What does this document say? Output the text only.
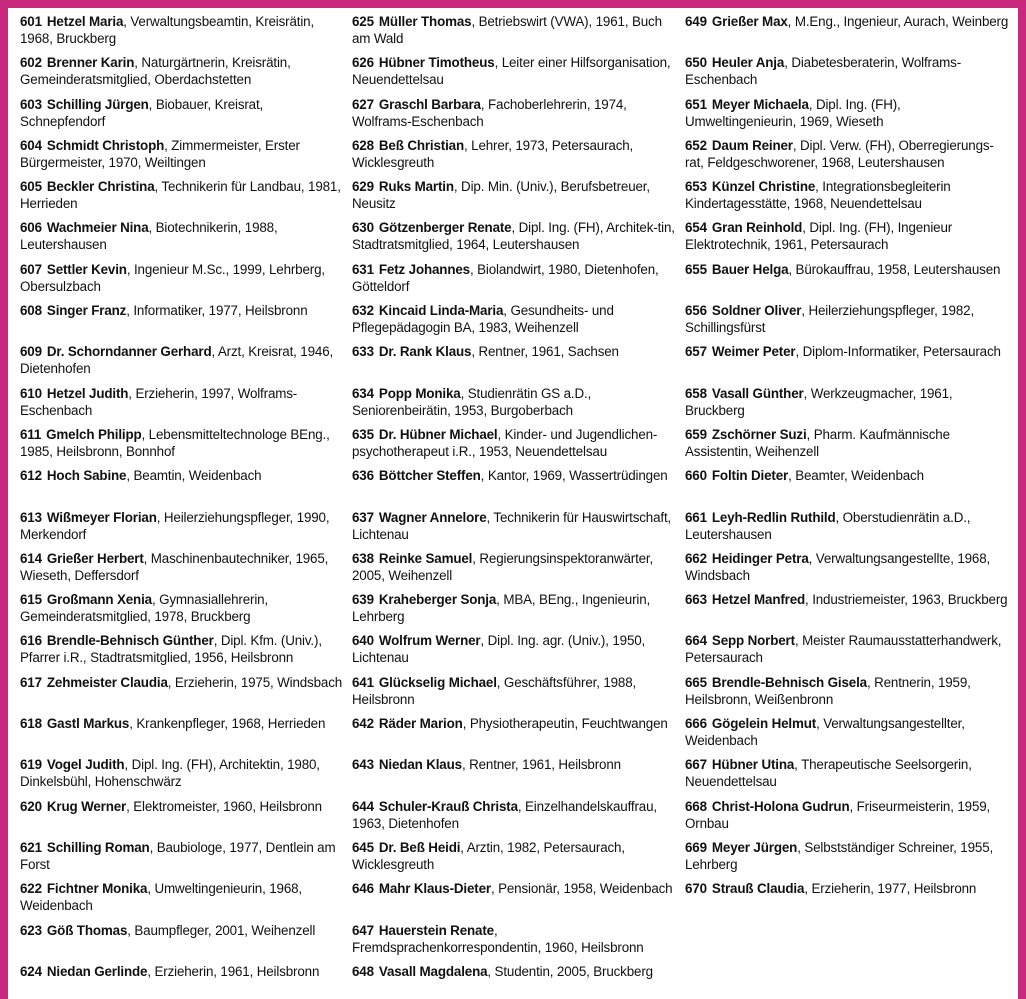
601 Hetzel Maria, Verwaltungsbeamtin, Kreisrätin, 1968, Bruckberg
602 Brenner Karin, Naturgärtnerin, Kreisrätin, Gemeinderatsmitglied, Oberdachstetten
603 Schilling Jürgen, Biobauer, Kreisrat, Schnepfendorf
604 Schmidt Christoph, Zimmermeister, Erster Bürgermeister, 1970, Weiltingen
605 Beckler Christina, Technikerin für Landbau, 1981, Herrieden
606 Wachmeier Nina, Biotechnikerin, 1988, Leutershausen
607 Settler Kevin, Ingenieur M.Sc., 1999, Lehrberg, Obersulzbach
608 Singer Franz, Informatiker, 1977, Heilsbronn
609 Dr. Schorndanner Gerhard, Arzt, Kreisrat, 1946, Dietenhofen
610 Hetzel Judith, Erzieherin, 1997, Wolframs-Eschenbach
611 Gmelch Philipp, Lebensmitteltechnologe BEng., 1985, Heilsbronn, Bonnhof
612 Hoch Sabine, Beamtin, Weidenbach
613 Wißmeyer Florian, Heilerziehungspfleger, 1990, Merkendorf
614 Grießer Herbert, Maschinenbautechniker, 1965, Wieseth, Deffersdorf
615 Großmann Xenia, Gymnasiallehrerin, Gemeinderatsmitglied, 1978, Bruckberg
616 Brendle-Behnisch Günther, Dipl. Kfm. (Univ.), Pfarrer i.R., Stadtratsmitglied, 1956, Heilsbronn
617 Zehmeister Claudia, Erzieherin, 1975, Windsbach
618 Gastl Markus, Krankenpfleger, 1968, Herrieden
619 Vogel Judith, Dipl. Ing. (FH), Architektin, 1980, Dinkelsbühl, Hohenschwärz
620 Krug Werner, Elektromeister, 1960, Heilsbronn
621 Schilling Roman, Baubiologe, 1977, Dentlein am Forst
622 Fichtner Monika, Umweltingenieurin, 1968, Weidenbach
623 Göß Thomas, Baumpfleger, 2001, Weihenzell
624 Niedan Gerlinde, Erzieherin, 1961, Heilsbronn
625 Müller Thomas, Betriebswirt (VWA), 1961, Buch am Wald
626 Hübner Timotheus, Leiter einer Hilfsorganisation, Neuendettelsau
627 Graschl Barbara, Fachoberlehrerin, 1974, Wolframs-Eschenbach
628 Beß Christian, Lehrer, 1973, Petersaurach, Wicklesgreuth
629 Ruks Martin, Dip. Min. (Univ.), Berufsbetreuer, Neusitz
630 Götzenberger Renate, Dipl. Ing. (FH), Architek-tin, Stadtratsmitglied, 1964, Leutershausen
631 Fetz Johannes, Biolandwirt, 1980, Dietenhofen, Götteldorf
632 Kincaid Linda-Maria, Gesundheits- und Pflegepädagogin BA, 1983, Weihenzell
633 Dr. Rank Klaus, Rentner, 1961, Sachsen
634 Popp Monika, Studienrätin GS a.D., Seniorenbeirätin, 1953, Burgoberbach
635 Dr. Hübner Michael, Kinder- und Jugendlichen-psychotherapeut i.R., 1953, Neuendettelsau
636 Böttcher Steffen, Kantor, 1969, Wassertrüdingen
637 Wagner Annelore, Technikerin für Hauswirtschaft, Lichtenau
638 Reinke Samuel, Regierungsinspektoranwärter, 2005, Weihenzell
639 Kraheberger Sonja, MBA, BEng., Ingenieurin, Lehrberg
640 Wolfrum Werner, Dipl. Ing. agr. (Univ.), 1950, Lichtenau
641 Glückselig Michael, Geschäftsführer, 1988, Heilsbronn
642 Räder Marion, Physiotherapeutin, Feuchtwangen
643 Niedan Klaus, Rentner, 1961, Heilsbronn
644 Schuler-Krauß Christa, Einzelhandelskauffrau, 1963, Dietenhofen
645 Dr. Beß Heidi, Arztin, 1982, Petersaurach, Wicklesgreuth
646 Mahr Klaus-Dieter, Pensionär, 1958, Weidenbach
647 Hauerstein Renate, Fremdsprachenkorrespondentin, 1960, Heilsbronn
648 Vasall Magdalena, Studentin, 2005, Bruckberg
649 Grießer Max, M.Eng., Ingenieur, Aurach, Weinberg
650 Heuler Anja, Diabetesberaterin, Wolframs-Eschenbach
651 Meyer Michaela, Dipl. Ing. (FH), Umweltingenieurin, 1969, Wieseth
652 Daum Reiner, Dipl. Verw. (FH), Oberregierungs-rat, Feldgeschworener, 1968, Leutershausen
653 Künzel Christine, Integrationsbegleiterin Kindertagesstätte, 1968, Neuendettelsau
654 Gran Reinhold, Dipl. Ing. (FH), Ingenieur Elektrotechnik, 1961, Petersaurach
655 Bauer Helga, Bürokauffrau, 1958, Leutershausen
656 Soldner Oliver, Heilerziehungspfleger, 1982, Schillingsfürst
657 Weimer Peter, Diplom-Informatiker, Petersaurach
658 Vasall Günther, Werkzeugmacher, 1961, Bruckberg
659 Zschörner Suzi, Pharm. Kaufmännische Assistentin, Weihenzell
660 Foltin Dieter, Beamter, Weidenbach
661 Leyh-Redlin Ruthild, Oberstudienrätin a.D., Leutershausen
662 Heidinger Petra, Verwaltungsangestellte, 1968, Windsbach
663 Hetzel Manfred, Industriemeister, 1963, Bruckberg
664 Sepp Norbert, Meister Raumausstatterhandwerk, Petersaurach
665 Brendle-Behnisch Gisela, Rentnerin, 1959, Heilsbronn, Weißenbronn
666 Gögelein Helmut, Verwaltungsangestellter, Weidenbach
667 Hübner Utina, Therapeutische Seelsorgerin, Neuendettelsau
668 Christ-Holona Gudrun, Friseurmeisterin, 1959, Ornbau
669 Meyer Jürgen, Selbstständiger Schreiner, 1955, Lehrberg
670 Strauß Claudia, Erzieherin, 1977, Heilsbronn
